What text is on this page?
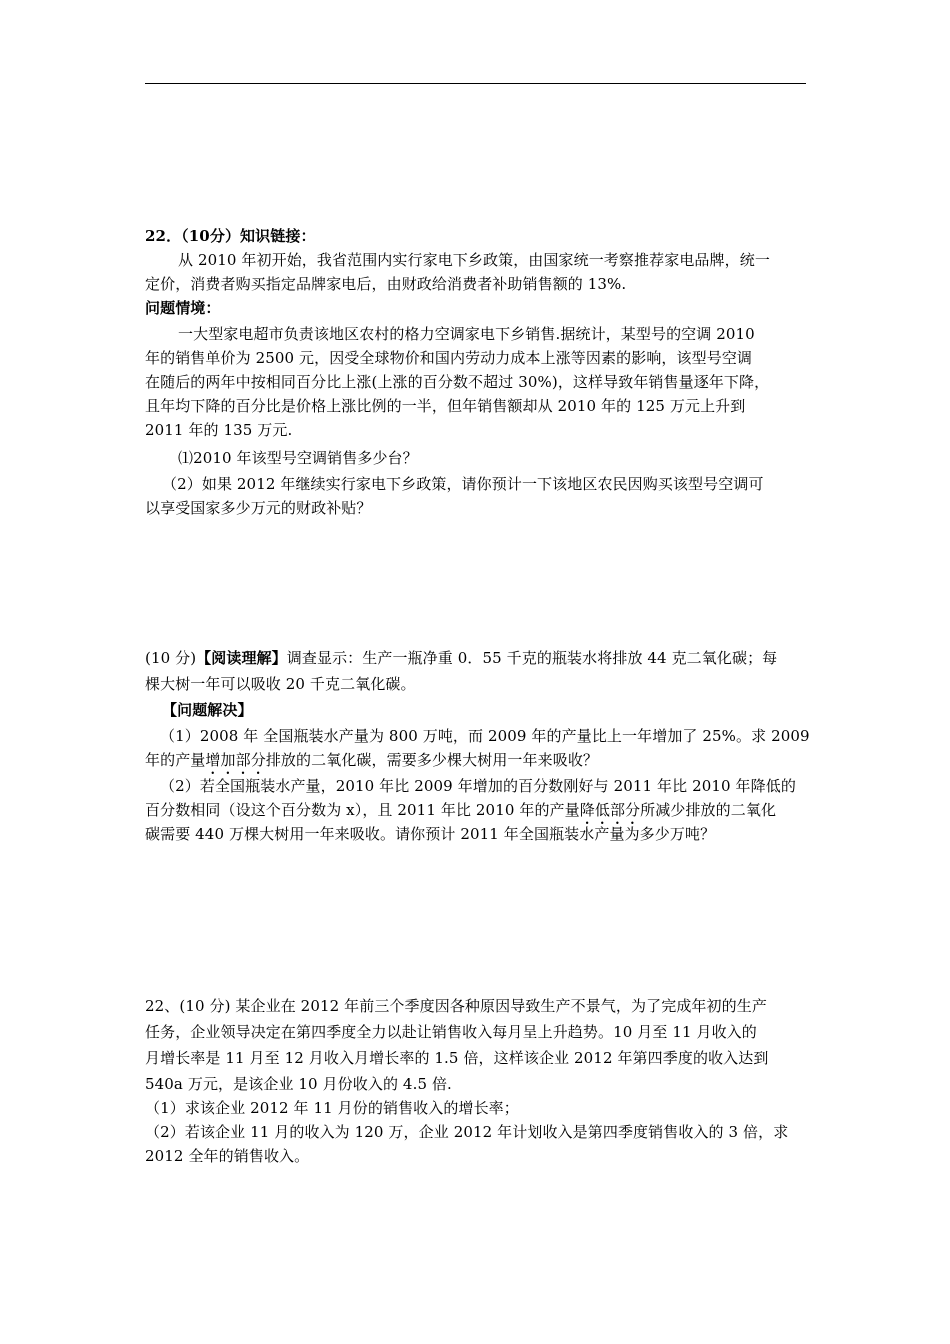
22．（10分）知识链接：
从 2010 年初开始，我省范围内实行家电下乡政策，由国家统一考察推荐家电品牌，统一
定价，消费者购买指定品牌家电后，由财政给消费者补助销售额的 13%.
问题情境：
一大型家电超市负责该地区农村的格力空调家电下乡销售.据统计，某型号的空调 2010
年的销售单价为 2500 元，因受全球物价和国内劳动力成本上涨等因素的影响，该型号空调
在随后的两年中按相同百分比上涨(上涨的百分数不超过 30%)，这样导致年销售量逐年下降，
且年均下降的百分比是价格上涨比例的一半，但年销售额却从 2010 年的 125 万元上升到
2011 年的 135 万元.
⑴2010 年该型号空调销售多少台？
（2）如果 2012 年继续实行家电下乡政策，请你预计一下该地区农民因购买该型号空调可
以享受国家多少万元的财政补贴？
(10 分)【阅读理解】调查显示：生产一瓶净重 0．55 千克的瓶装水将排放 44 克二氧化碳；每
棵大树一年可以吸收 20 千克二氧化碳。
【问题解决】
（1）2008 年 全国瓶装水产量为 800 万吨，而 2009 年的产量比上一年增加了 25%。求 2009
年的产量增加部分排放的二氧化碳，需要多少棵大树用一年来吸收？
（2）若全国瓶装水产量，2010 年比 2009 年增加的百分数刚好与 2011 年比 2010 年降低的
百分数相同（设这个百分数为 x），且 2011 年比 2010 年的产量降低部分所减少排放的二氧化
碳需要 440 万棵大树用一年来吸收。请你预计 2011 年全国瓶装水产量为多少万吨？
22、(10 分) 某企业在 2012 年前三个季度因各种原因导致生产不景气，为了完成年初的生产
任务，企业领导决定在第四季度全力以赴让销售收入每月呈上升趋势。10 月至 11 月收入的
月增长率是 11 月至 12 月收入月增长率的 1.5 倍，这样该企业 2012 年第四季度的收入达到
540a 万元，是该企业 10 月份收入的 4.5 倍.
（1）求该企业 2012 年 11 月份的销售收入的增长率；
（2）若该企业 11 月的收入为 120 万，企业 2012 年计划收入是第四季度销售收入的 3 倍，求
2012 全年的销售收入。
